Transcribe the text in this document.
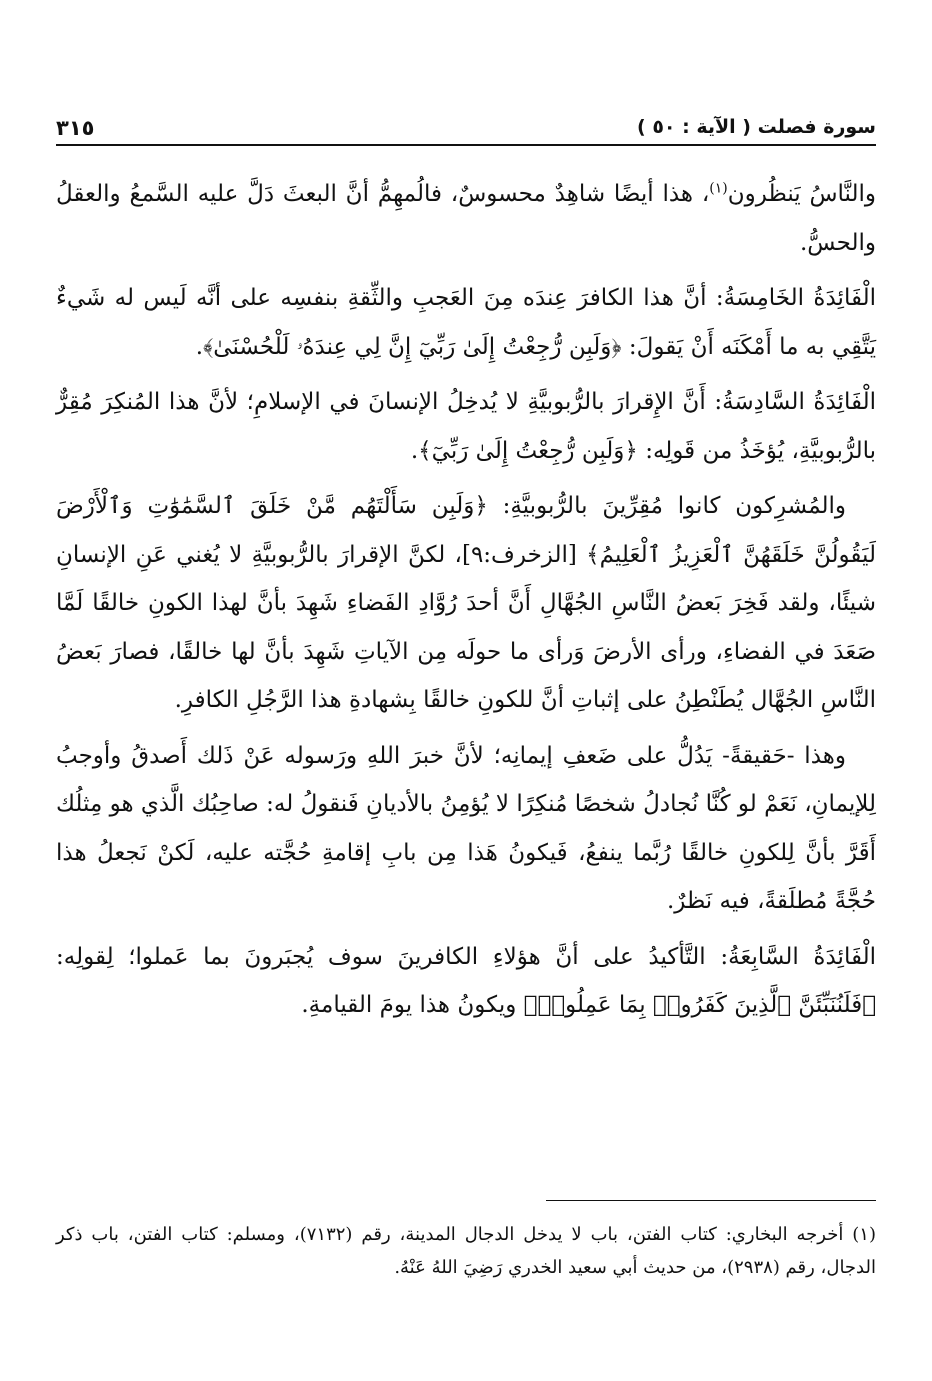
سورة فصلت ( الآية : ٥٠ )
٣١٥

والنَّاسُ يَنظُرون$^{(١)}$، هذا أيضًا شاهِدٌ محسوسٌ، فالُمهِمُّ أنَّ البعثَ دَلَّ عليه السَّمعُ والعقلُ والحسُّ.

الْفَائِدَةُ الخَامِسَةُ: أنَّ هذا الكافرَ عِندَه مِنَ العَجبِ والثِّقةِ بنفسِه على أنَّه لَيس له شَيءٌ يَتَّقِي به ما أَمْكَنَه أَنْ يَقولَ: ﴿وَلَبِن رُّجِعْتُ إِلَىٰ رَبِّيٓ إِنَّ لِي عِندَهُۥ لَلْحُسْنَىٰ﴾.

الْفَائِدَةُ السَّادِسَةُ: أَنَّ الإِقرارَ بالرُّبوبيَّةِ لا يُدخِلُ الإنسانَ في الإسلامِ؛ لأنَّ هذا المُنكِرَ مُقِرٌّ بالرُّبوبيَّةِ، يُؤخَذُ من قَولِه: ﴿وَلَبِن رُّجِعْتُ إِلَىٰ رَبِّيٓ﴾.

والمُشرِكون كانوا مُقِرِّينَ بالرُّبوبيَّةِ: ﴿وَلَبِن سَأَلْتَهُم مَّنْ خَلَقَ ٱلسَّمَٰوَٰتِ وَٱلْأَرْضَ لَيَقُولُنَّ خَلَقَهُنَّ ٱلْعَزِيزُ ٱلْعَلِيمُ﴾ [الزخرف:٩]، لكنَّ الإقرارَ بالرُّبوبيَّةِ لا يُغني عَنِ الإنسانِ شيئًا، ولقد فَخِرَ بَعضُ النَّاسِ الجُهَّالِ أَنَّ أحدَ رُوَّادِ الفَضاءِ شَهِدَ بأنَّ لهذا الكونِ خالقًا لَمَّا صَعَدَ في الفضاءِ، ورأى الأرضَ وَرأى ما حولَه مِن الآياتِ شَهِدَ بأنَّ لها خالقًا، فصارَ بَعضُ النَّاسِ الجُهَّال يُطَنْطِنُ على إثباتِ أنَّ للكونِ خالقًا بِشهادةِ هذا الرَّجُلِ الكافرِ.

وهذا -حَقيقةً- يَدُلُّ على ضَعفِ إيمانِه؛ لأنَّ خبرَ اللهِ ورَسوله عَنْ ذَلك أَصدقُ وأوجبُ لِلإيمانِ، نَعَمْ لو كُنَّا نُجادلُ شخصًا مُنكِرًا لا يُؤمِنُ بالأديانِ فَنقولُ له: صاحِبُك الَّذي هو مِثلُك أَقَرَّ بأنَّ لِلكونِ خالقًا رُبَّما ينفعُ، فَيكونُ هَذا مِن بابِ إقامةِ حُجَّته عليه، لَكنْ نَجعلُ هذا حُجَّةً مُطلَقةً، فيه نَظرٌ.

الْفَائِدَةُ السَّابِعَةُ: التَّأكيدُ على أنَّ هؤلاءِ الكافرينَ سوف يُجبَرونَ بما عَملوا؛ لِقولِه: ﴿فَلَنُنَبِّئَنَّ ٱلَّذِينَ كَفَرُوا۟ بِمَا عَمِلُوا۟﴾ ويكونُ هذا يومَ القيامةِ.

(١) أخرجه البخاري: كتاب الفتن، باب لا يدخل الدجال المدينة، رقم (٧١٣٢)، ومسلم: كتاب الفتن، باب ذكر الدجال، رقم (٢٩٣٨)، من حديث أبي سعيد الخدري رَضِيَ اللهُ عَنْهُ.
